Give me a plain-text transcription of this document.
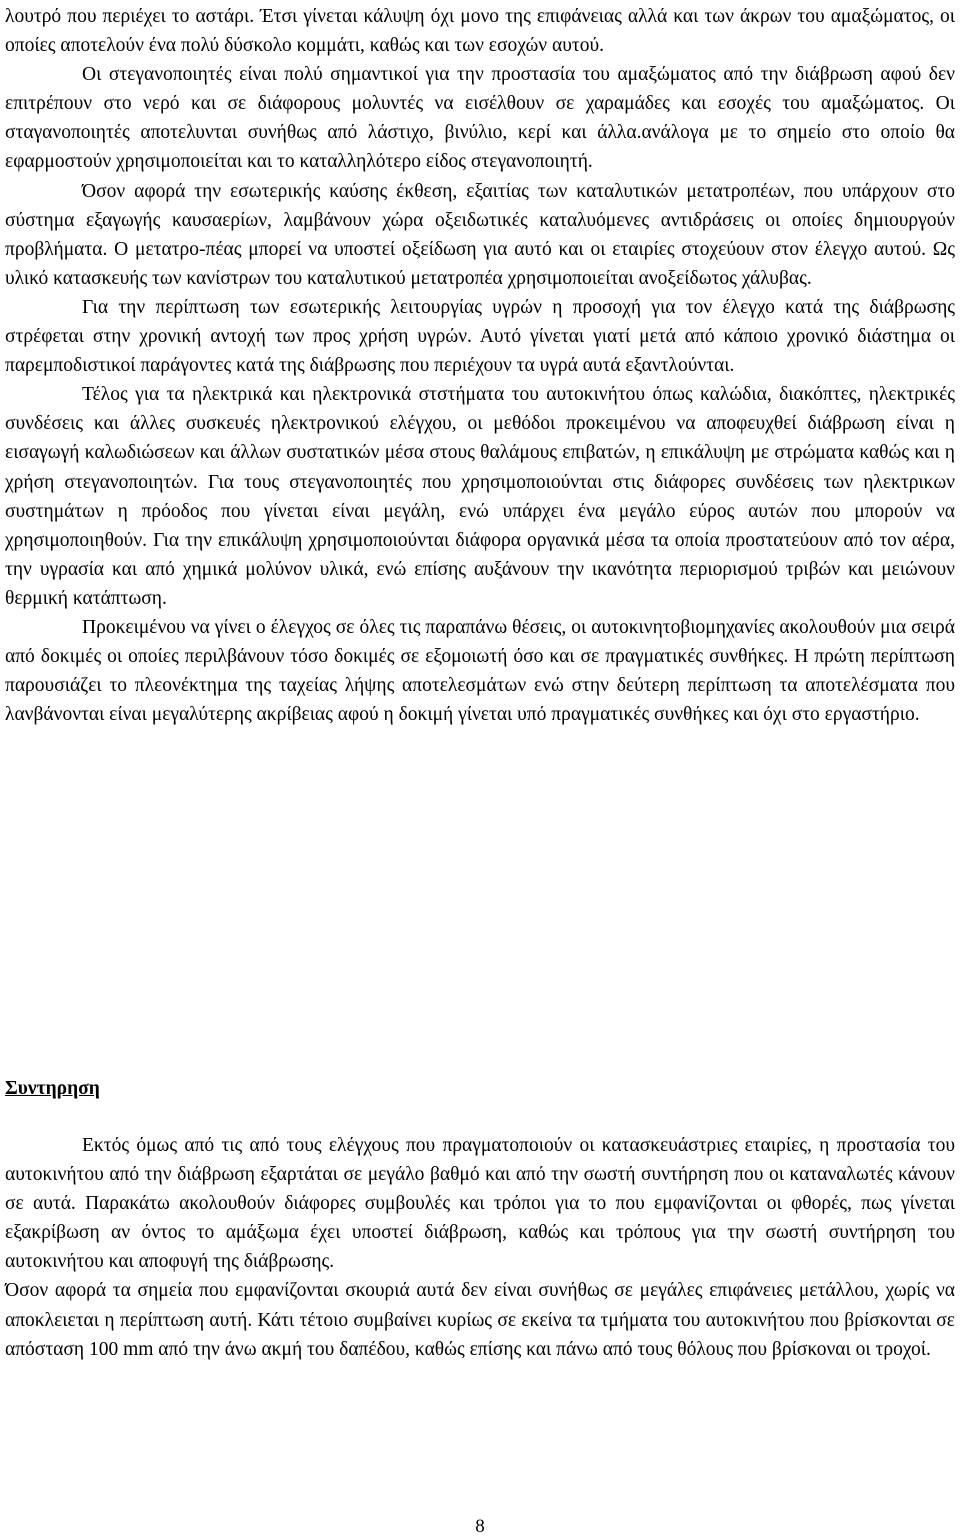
λουτρό που περιέχει το αστάρι. Έτσι γίνεται κάλυψη όχι μονο της επιφάνειας αλλά και των άκρων του αμαξώματος, οι οποίες αποτελούν ένα πολύ δύσκολο κομμάτι, καθώς και των εσοχών αυτού.

Οι στεγανοποιητές είναι πολύ σημαντικοί για την προστασία του αμαξώματος από την διάβρωση αφού δεν επιτρέπουν στο νερό και σε διάφορους μολυντές να εισέλθουν σε χαραμάδες και εσοχές του αμαξώματος. Οι σταγανοποιητές αποτελυνται συνήθως από λάστιχο, βινύλιο, κερί και άλλα.ανάλογα με το σημείο στο οποίο θα εφαρμοστούν χρησιμοποιείται και το καταλληλότερο είδος στεγανοποιητή.

Όσον αφορά την εσωτερικής καύσης έκθεση, εξαιτίας των καταλυτικών μετατροπέων, που υπάρχουν στο σύστημα εξαγωγής καυσαερίων, λαμβάνουν χώρα οξειδωτικές καταλυόμενες αντιδράσεις οι οποίες δημιουργούν προβλήματα. Ο μετατρο-πέας μπορεί να υποστεί οξείδωση για αυτό και οι εταιρίες στοχεύουν στον έλεγχο αυτού. Ως υλικό κατασκευής των κανίστρων του καταλυτικού μετατροπέα χρησιμοποιείται ανοξείδωτος χάλυβας.

Για την περίπτωση των εσωτερικής λειτουργίας υγρών η προσοχή για τον έλεγχο κατά της διάβρωσης στρέφεται στην χρονική αντοχή των προς χρήση υγρών. Αυτό γίνεται γιατί μετά από κάποιο χρονικό διάστημα οι παρεμποδιστικοί παράγοντες κατά της διάβρωσης που περιέχουν τα υγρά αυτά εξαντλούνται.

Τέλος για τα ηλεκτρικά και ηλεκτρονικά στστήματα του αυτοκινήτου όπως καλώδια, διακόπτες, ηλεκτρικές συνδέσεις και άλλες συσκευές ηλεκτρονικού ελέγχου, οι μεθόδοι προκειμένου να αποφευχθεί διάβρωση είναι η εισαγωγή καλωδιώσεων και άλλων συστατικών μέσα στους θαλάμους επιβατών, η επικάλυψη με στρώματα καθώς και η χρήση στεγανοποιητών. Για τους στεγανοποιητές που χρησιμοποιούνται στις διάφορες συνδέσεις των ηλεκτρικων συστημάτων η πρόοδος που γίνεται είναι μεγάλη, ενώ υπάρχει ένα μεγάλο εύρος αυτών που μπορούν να χρησιμοποιηθούν. Για την επικάλυψη χρησιμοποιούνται διάφορα οργανικά μέσα τα οποία προστατεύουν από τον αέρα, την υγρασία και από χημικά μολύνον υλικά, ενώ επίσης αυξάνουν την ικανότητα περιορισμού τριβών και μειώνουν θερμική κατάπτωση.

Προκειμένου να γίνει ο έλεγχος σε όλες τις παραπάνω θέσεις, οι αυτοκινητοβιομηχανίες ακολουθούν μια σειρά από δοκιμές οι οποίες περιλβάνουν τόσο δοκιμές σε εξομοιωτή όσο και σε πραγματικές συνθήκες. Η πρώτη περίπτωση παρουσιάζει το πλεονέκτημα της ταχείας λήψης αποτελεσμάτων ενώ στην δεύτερη περίπτωση τα αποτελέσματα που λανβάνονται είναι μεγαλύτερης ακρίβειας αφού η δοκιμή γίνεται υπό πραγματικές συνθήκες και όχι στο εργαστήριο.

Συντηρηση

Εκτός όμως από τις από τους ελέγχους που πραγματοποιούν οι κατασκευάστριες εταιρίες, η προστασία του αυτοκινήτου από την διάβρωση εξαρτάται σε μεγάλο βαθμό και από την σωστή συντήρηση που οι καταναλωτές κάνουν σε αυτά. Παρακάτω ακολουθούν διάφορες συμβουλές και τρόποι για το που εμφανίζονται οι φθορές, πως γίνεται εξακρίβωση αν όντος το αμάξωμα έχει υποστεί διάβρωση, καθώς και τρόπους για την σωστή συντήρηση του αυτοκινήτου και αποφυγή της διάβρωσης.

Όσον αφορά τα σημεία που εμφανίζονται σκουριά αυτά δεν είναι συνήθως σε μεγάλες επιφάνειες μετάλλου, χωρίς να αποκλειεται η περίπτωση αυτή. Κάτι τέτοιο συμβαίνει κυρίως σε εκείνα τα τμήματα του αυτοκινήτου που βρίσκονται σε απόσταση 100 mm από την άνω ακμή του δαπέδου, καθώς επίσης και πάνω από τους θόλους που βρίσκοναι οι τροχοί.

8
